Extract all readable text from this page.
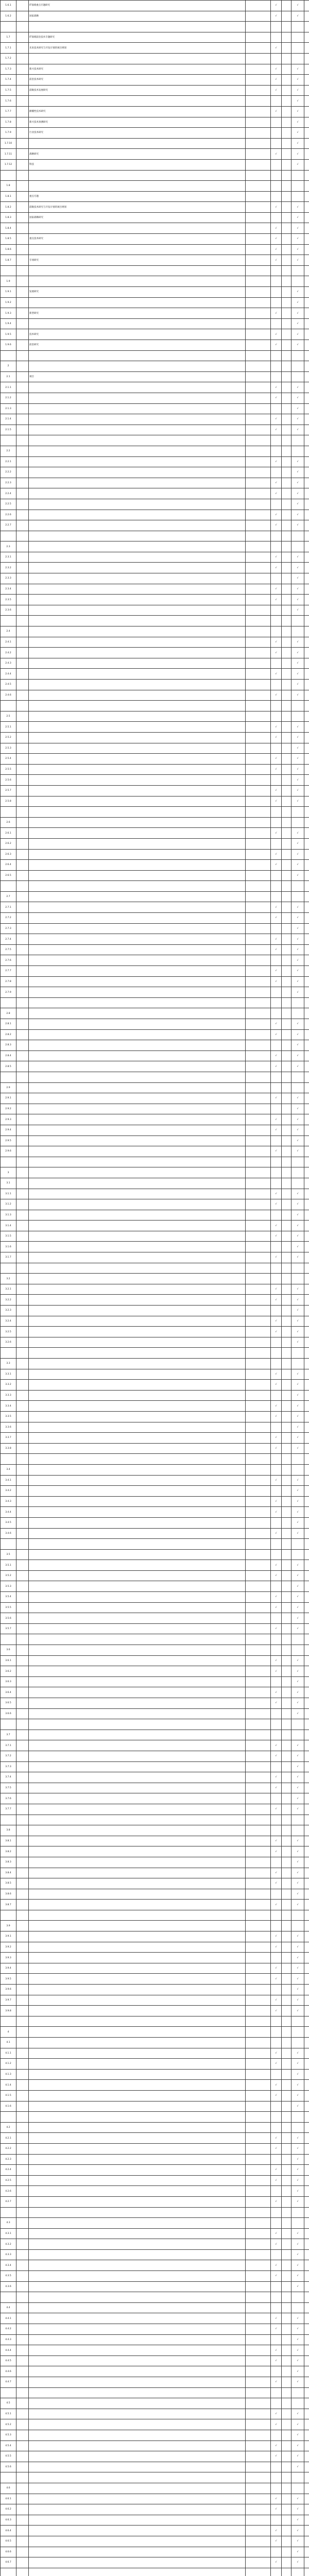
1.6.1		IT领域重点专题研究		√		√	
1.6.2		国家战略		√		√	

1.7		IT领域前沿技术专题研究					
1.7.1		未来技术研究与开发计划的项目规划		√			
1.7.2							
1.7.3		新兴技术研究		√		√	
1.7.4		前沿技术研究		√		√	
1.7.5		前瞻技术发展研究		√		√	
1.7.6						√	
1.7.7		颠覆性技术研究		√		√	
1.7.8		新兴技术预测研究				√	
1.7.9		行业技术研究				√	
1.7.10						√	
1.7.11		战略研究		√		√	
1.7.12		科技				√	

1.8							
1.8.1		重点专题					
1.8.2		前瞻技术研究与开发计划的项目规划		√		√	
1.8.3		国家战略研究				√	
1.8.4				√		√	
1.8.5		重点技术研究		√		√	
1.8.6				√		√	
1.8.7		专项研究		√		√	

1.9							
1.9.1		发展研究				√	
1.9.2						√	
1.9.3		新型研究		√		√	
1.9.4						√	
1.9.5		技术研究		√		√	
1.9.6		前沿研究		√		√	

2							
2.1		项目					
2.1.1				√		√	
2.1.2				√		√	
2.1.3						√	
2.1.4				√		√	
2.1.5				√		√	

2.2							
2.2.1				√		√	
2.2.2						√	
2.2.3				√		√	
2.2.4				√		√	
2.2.5						√	
2.2.6				√		√	
2.2.7				√		√	

2.3							
2.3.1				√		√	
2.3.2				√		√	
2.3.3						√	
2.3.4				√		√	
2.3.5				√		√	
2.3.6						√	

2.4							
2.4.1				√		√	
2.4.2				√		√	
2.4.3						√	
2.4.4				√		√	
2.4.5						√	
2.4.6				√		√	

2.5							
2.5.1				√		√	
2.5.2				√		√	
2.5.3						√	
2.5.4				√		√	
2.5.5				√		√	
2.5.6						√	
2.5.7				√		√	
2.5.8				√		√	

2.6							
2.6.1				√		√	
2.6.2						√	
2.6.3				√		√	
2.6.4				√		√	
2.6.5						√	

2.7							
2.7.1				√		√	
2.7.2				√		√	
2.7.3						√	
2.7.4				√		√	
2.7.5				√		√	
2.7.6						√	
2.7.7				√		√	
2.7.8				√		√	
2.7.9						√	

2.8							
2.8.1				√		√	
2.8.2				√		√	
2.8.3						√	
2.8.4				√		√	
2.8.5				√		√	

2.9							
2.9.1				√		√	
2.9.2						√	
2.9.3				√		√	
2.9.4				√		√	
2.9.5						√	
2.9.6				√		√	

3							
3.1							
3.1.1				√		√	
3.1.2				√		√	
3.1.3						√	
3.1.4				√		√	
3.1.5				√		√	
3.1.6						√	
3.1.7				√		√	

3.2							
3.2.1				√		√	
3.2.2				√		√	
3.2.3						√	
3.2.4				√		√	
3.2.5				√		√	
3.2.6						√	

3.3							
3.3.1				√		√	
3.3.2				√		√	
3.3.3						√	
3.3.4				√		√	
3.3.5				√		√	
3.3.6						√	
3.3.7				√		√	
3.3.8				√		√	

3.4							
3.4.1				√		√	
3.4.2						√	
3.4.3				√		√	
3.4.4				√		√	
3.4.5						√	
3.4.6				√		√	

3.5							
3.5.1				√		√	
3.5.2				√		√	
3.5.3						√	
3.5.4				√		√	
3.5.5				√		√	
3.5.6						√	
3.5.7				√		√	

3.6							
3.6.1				√		√	
3.6.2				√		√	
3.6.3						√	
3.6.4				√		√	
3.6.5				√		√	
3.6.6						√	

3.7							
3.7.1				√		√	
3.7.2				√		√	
3.7.3						√	
3.7.4				√		√	
3.7.5				√		√	
3.7.6						√	
3.7.7				√		√	

3.8							
3.8.1				√		√	
3.8.2				√		√	
3.8.3						√	
3.8.4				√		√	
3.8.5				√		√	
3.8.6						√	
3.8.7				√		√	

3.9							
3.9.1				√		√	
3.9.2				√		√	
3.9.3						√	
3.9.4				√		√	
3.9.5				√		√	
3.9.6						√	
3.9.7				√		√	
3.9.8				√		√	

4							
4.1							
4.1.1				√		√	
4.1.2				√		√	
4.1.3						√	
4.1.4				√		√	
4.1.5				√		√	
4.1.6						√	

4.2							
4.2.1				√		√	
4.2.2				√		√	
4.2.3						√	
4.2.4				√		√	
4.2.5				√		√	
4.2.6						√	
4.2.7				√		√	

4.3							
4.3.1				√		√	
4.3.2				√		√	
4.3.3						√	
4.3.4				√		√	
4.3.5				√		√	
4.3.6						√	

4.4							
4.4.1				√		√	
4.4.2				√		√	
4.4.3						√	
4.4.4				√		√	
4.4.5				√		√	
4.4.6						√	
4.4.7				√		√	

4.5							
4.5.1				√		√	
4.5.2				√		√	
4.5.3						√	
4.5.4				√		√	
4.5.5				√		√	
4.5.6						√	

4.6							
4.6.1				√		√	
4.6.2				√		√	
4.6.3						√	
4.6.4				√		√	
4.6.5				√		√	
4.6.6						√	
4.6.7				√		√	
